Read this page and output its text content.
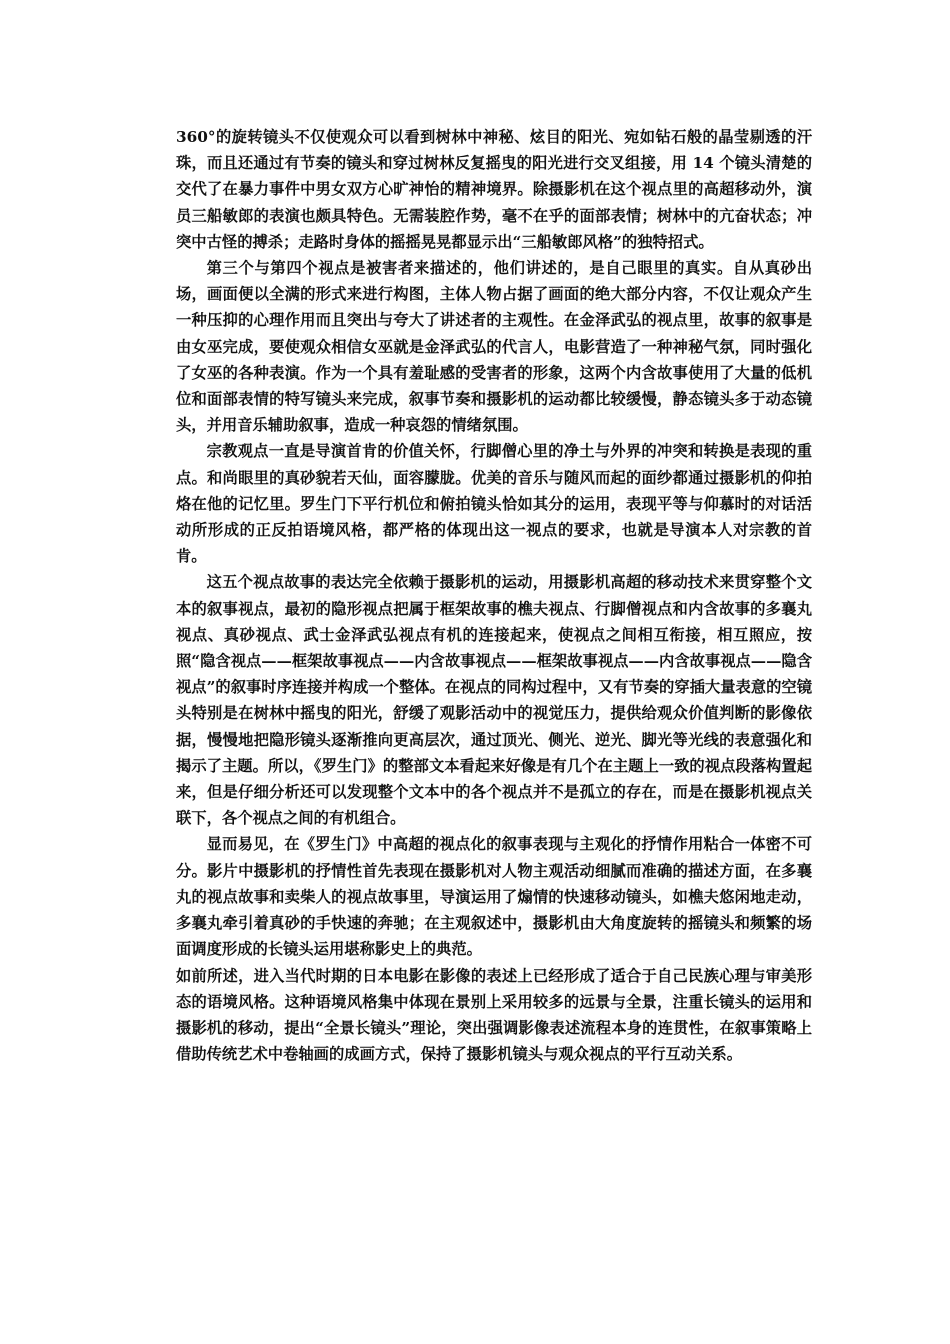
360°的旋转镜头不仅使观众可以看到树林中神秘、炫目的阳光、宛如钻石般的晶莹剔透的汗珠，而且还通过有节奏的镜头和穿过树林反复摇曳的阳光进行交叉组接，用 14 个镜头清楚的交代了在暴力事件中男女双方心旷神怡的精神境界。除摄影机在这个视点里的高超移动外，演员三船敏郎的表演也颇具特色。无需装腔作势，毫不在乎的面部表情；树林中的亢奋状态；冲突中古怪的搏杀；走路时身体的摇摇晃晃都显示出“三船敏郎风格”的独特招式。

第三个与第四个视点是被害者来描述的，他们讲述的，是自己眼里的真实。自从真砂出场，画面便以全满的形式来进行构图，主体人物占据了画面的绝大部分内容，不仅让观众产生一种压抑的心理作用而且突出与夸大了讲述者的主观性。在金泽武弘的视点里，故事的叙事是由女巫完成，要使观众相信女巫就是金泽武弘的代言人，电影营造了一种神秘气氛，同时强化了女巫的各种表演。作为一个具有羞耻感的受害者的形象，这两个内含故事使用了大量的低机位和面部表情的特写镜头来完成，叙事节奏和摄影机的运动都比较缓慢，静态镜头多于动态镜头，并用音乐辅助叙事，造成一种哀怨的情绪氛围。

宗教观点一直是导演首肯的价值关怀，行脚僧心里的净土与外界的冲突和转换是表现的重点。和尚眼里的真砂貌若天仙，面容朦胧。优美的音乐与随风而起的面纱都通过摄影机的仰拍烙在他的记忆里。罗生门下平行机位和俯拍镜头恰如其分的运用，表现平等与仰慕时的对话活动所形成的正反拍语境风格，都严格的体现出这一视点的要求，也就是导演本人对宗教的首肯。

这五个视点故事的表达完全依赖于摄影机的运动，用摄影机高超的移动技术来贯穿整个文本的叙事视点，最初的隐形视点把属于框架故事的樵夫视点、行脚僧视点和内含故事的多襄丸视点、真砂视点、武士金泽武弘视点有机的连接起来，使视点之间相互衔接，相互照应，按照“隐含视点——框架故事视点——内含故事视点——框架故事视点——内含故事视点——隐含视点”的叙事时序连接并构成一个整体。在视点的同构过程中，又有节奏的穿插大量表意的空镜头特别是在树林中摇曳的阳光，舒缓了观影活动中的视觉压力，提供给观众价值判断的影像依据，慢慢地把隐形镜头逐渐推向更高层次，通过顶光、侧光、逆光、脚光等光线的表意强化和揭示了主题。所以，《罗生门》的整部文本看起来好像是有几个在主题上一致的视点段落构置起来，但是仔细分析还可以发现整个文本中的各个视点并不是孤立的存在，而是在摄影机视点关联下，各个视点之间的有机组合。

显而易见，在《罗生门》中高超的视点化的叙事表现与主观化的抒情作用粘合一体密不可分。影片中摄影机的抒情性首先表现在摄影机对人物主观活动细腻而准确的描述方面，在多襄丸的视点故事和卖柴人的视点故事里，导演运用了煽情的快速移动镜头，如樵夫悠闲地走动，多襄丸牵引着真砂的手快速的奔驰；在主观叙述中，摄影机由大角度旋转的摇镜头和频繁的场面调度形成的长镜头运用堪称影史上的典范。

如前所述，进入当代时期的日本电影在影像的表述上已经形成了适合于自己民族心理与审美形态的语境风格。这种语境风格集中体现在景别上采用较多的远景与全景，注重长镜头的运用和摄影机的移动，提出“全景长镜头”理论，突出强调影像表述流程本身的连贯性，在叙事策略上借助传统艺术中卷轴画的成画方式，保持了摄影机镜头与观众视点的平行互动关系。
